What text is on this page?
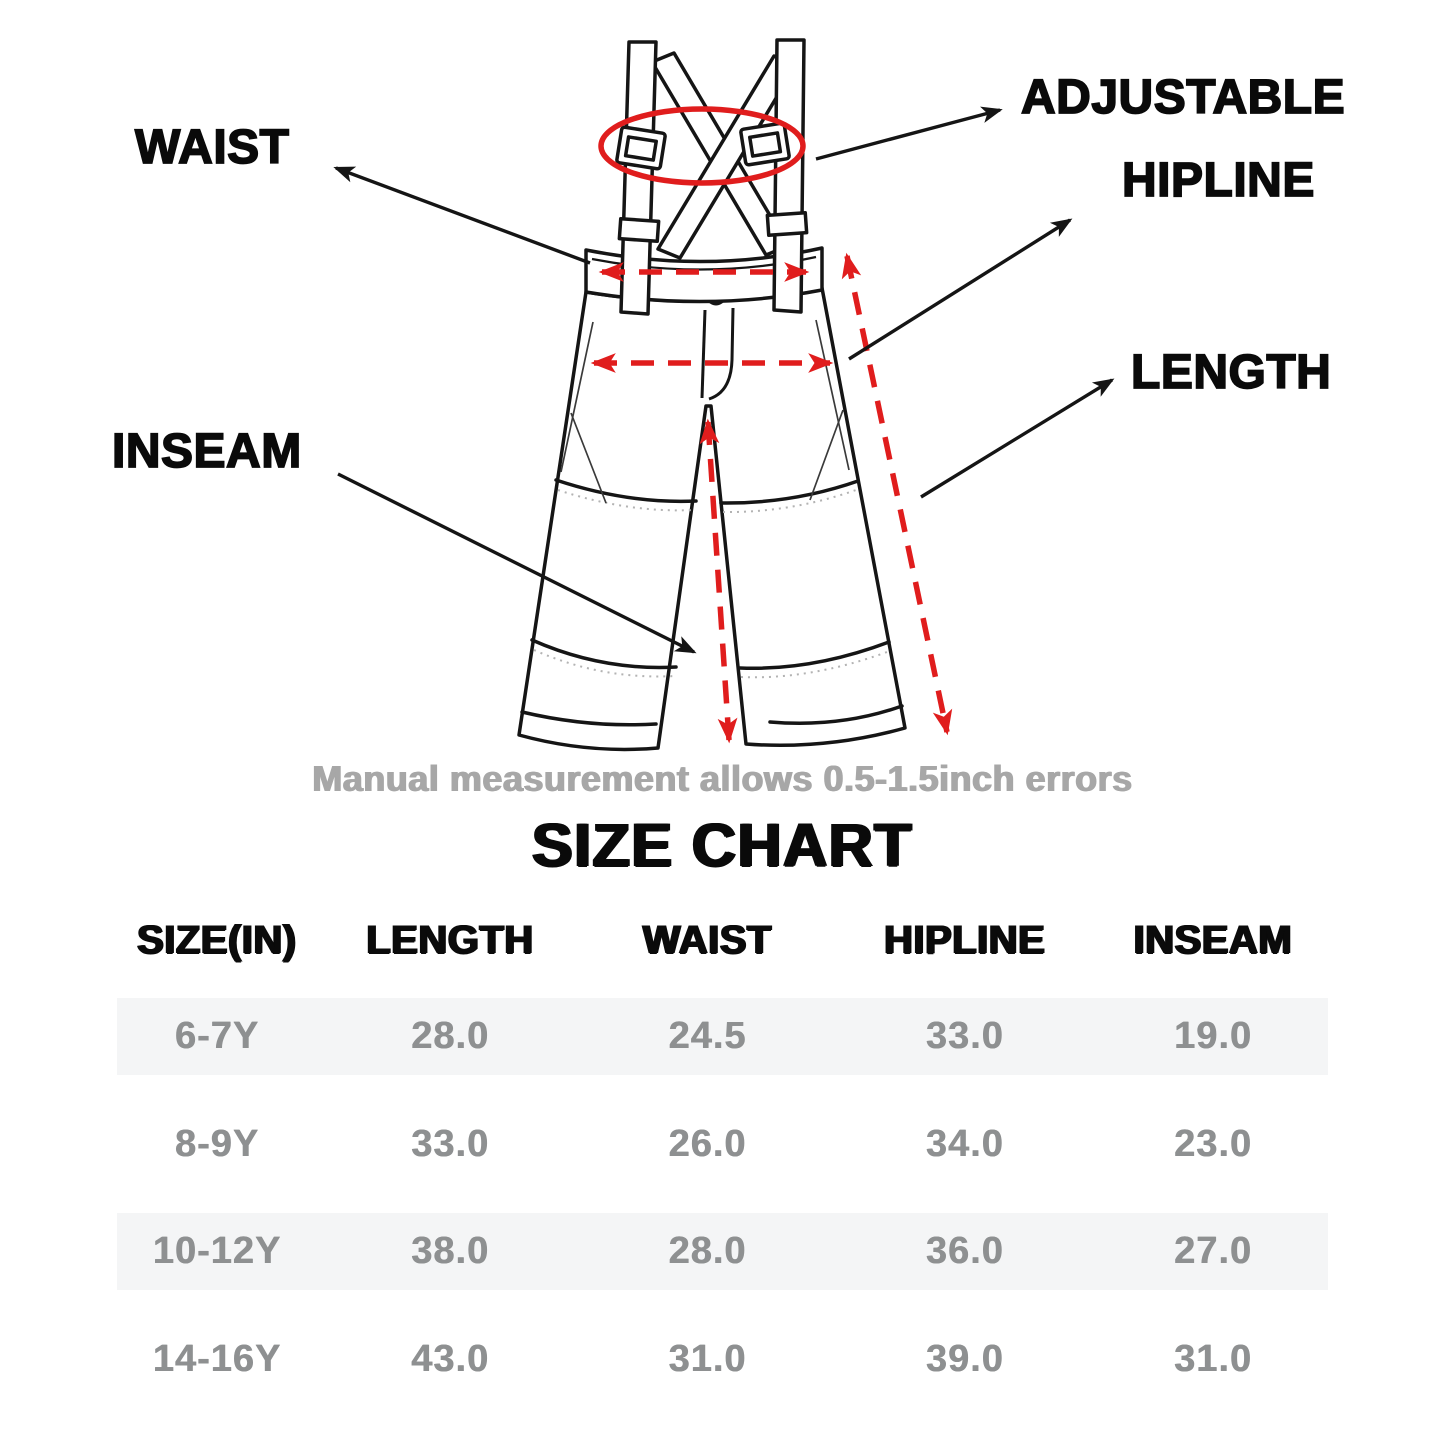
WAIST
ADJUSTABLE
HIPLINE
LENGTH
INSEAM
Manual measurement allows 0.5-1.5inch errors
SIZE CHART
SIZE(IN)	LENGTH	WAIST	HIPLINE	INSEAM
6-7Y	28.0	24.5	33.0	19.0
8-9Y	33.0	26.0	34.0	23.0
10-12Y	38.0	28.0	36.0	27.0
14-16Y	43.0	31.0	39.0	31.0
